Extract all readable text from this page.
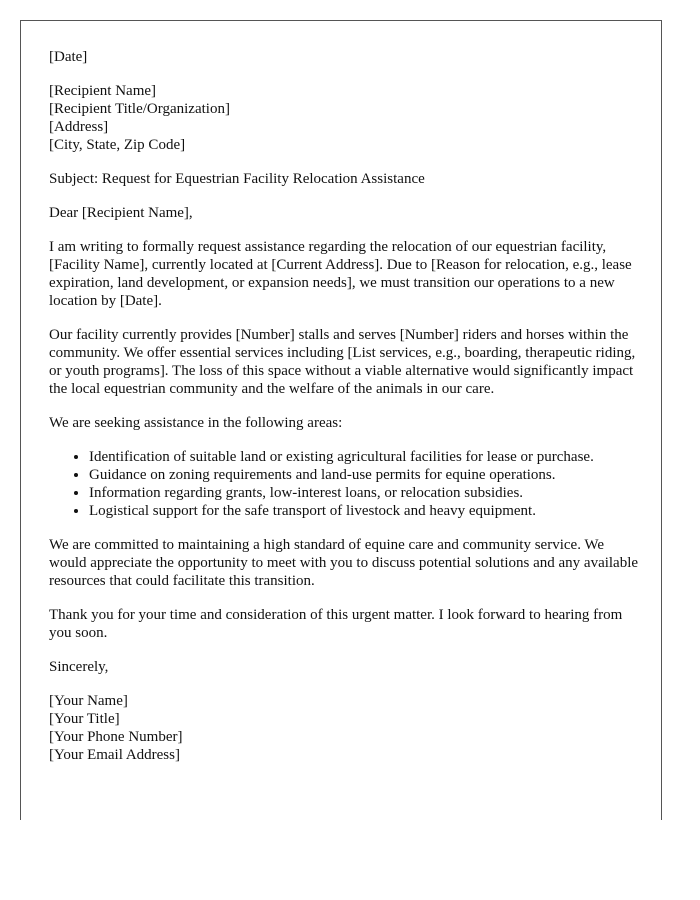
[Date]

[Recipient Name]
[Recipient Title/Organization]
[Address]
[City, State, Zip Code]

Subject: Request for Equestrian Facility Relocation Assistance

Dear [Recipient Name],

I am writing to formally request assistance regarding the relocation of our equestrian facility, [Facility Name], currently located at [Current Address]. Due to [Reason for relocation, e.g., lease expiration, land development, or expansion needs], we must transition our operations to a new location by [Date].

Our facility currently provides [Number] stalls and serves [Number] riders and horses within the community. We offer essential services including [List services, e.g., boarding, therapeutic riding, or youth programs]. The loss of this space without a viable alternative would significantly impact the local equestrian community and the welfare of the animals in our care.

We are seeking assistance in the following areas:

• Identification of suitable land or existing agricultural facilities for lease or purchase.
• Guidance on zoning requirements and land-use permits for equine operations.
• Information regarding grants, low-interest loans, or relocation subsidies.
• Logistical support for the safe transport of livestock and heavy equipment.

We are committed to maintaining a high standard of equine care and community service. We would appreciate the opportunity to meet with you to discuss potential solutions and any available resources that could facilitate this transition.

Thank you for your time and consideration of this urgent matter. I look forward to hearing from you soon.

Sincerely,

[Your Name]
[Your Title]
[Your Phone Number]
[Your Email Address]
